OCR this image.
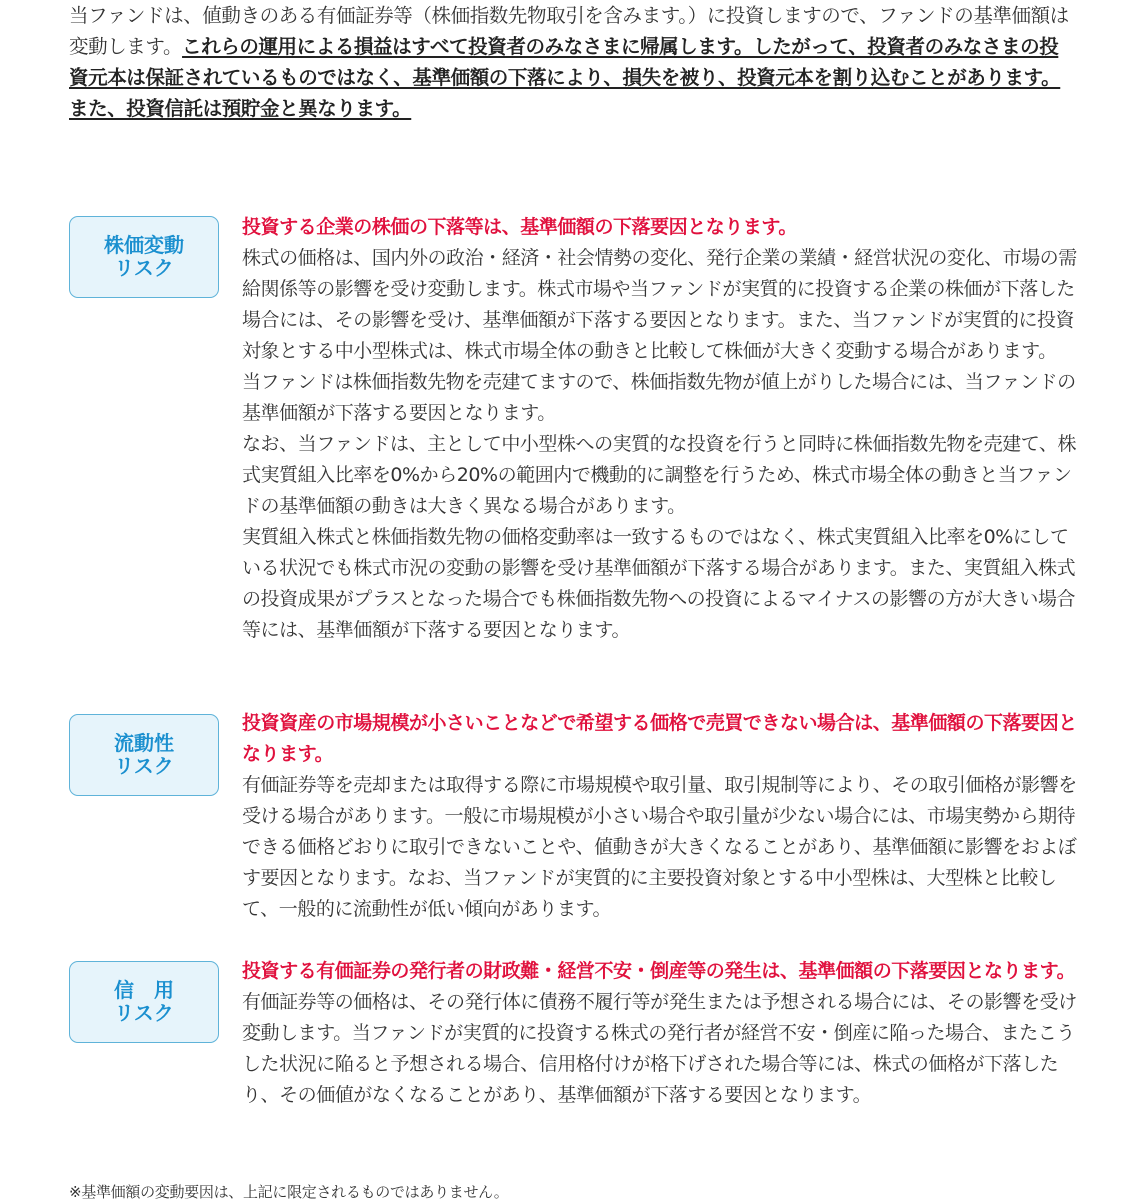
当ファンドは、値動きのある有価証券等（株価指数先物取引を含みます。）に投資しますので、ファンドの基準価額は変動します。これらの運用による損益はすべて投資者のみなさまに帰属します。したがって、投資者のみなさまの投資元本は保証されているものではなく、基準価額の下落により、損失を被り、投資元本を割り込むことがあります。
また、投資信託は預貯金と異なります。
株価変動
リスク

投資する企業の株価の下落等は、基準価額の下落要因となります。

株式の価格は、国内外の政治・経済・社会情勢の変化、発行企業の業績・経営状況の変化、市場の需給関係等の影響を受け変動します。株式市場や当ファンドが実質的に投資する企業の株価が下落した場合には、その影響を受け、基準価額が下落する要因となります。また、当ファンドが実質的に投資対象とする中小型株式は、株式市場全体の動きと比較して株価が大きく変動する場合があります。

当ファンドは株価指数先物を売建てますので、株価指数先物が値上がりした場合には、当ファンドの基準価額が下落する要因となります。

なお、当ファンドは、主として中小型株への実質的な投資を行うと同時に株価指数先物を売建て、株式実質組入比率を0%から20%の範囲内で機動的に調整を行うため、株式市場全体の動きと当ファンドの基準価額の動きは大きく異なる場合があります。

実質組入株式と株価指数先物の価格変動率は一致するものではなく、株式実質組入比率を0%にしている状況でも株式市況の変動の影響を受け基準価額が下落する場合があります。また、実質組入株式の投資成果がプラスとなった場合でも株価指数先物への投資によるマイナスの影響の方が大きい場合等には、基準価額が下落する要因となります。

流動性
リスク

投資資産の市場規模が小さいことなどで希望する価格で売買できない場合は、基準価額の下落要因となります。

有価証券等を売却または取得する際に市場規模や取引量、取引規制等により、その取引価格が影響を受ける場合があります。一般に市場規模が小さい場合や取引量が少ない場合には、市場実勢から期待できる価格どおりに取引できないことや、値動きが大きくなることがあり、基準価額に影響をおよぼす要因となります。なお、当ファンドが実質的に主要投資対象とする中小型株は、大型株と比較して、一般的に流動性が低い傾向があります。

信　用
リスク

投資する有価証券の発行者の財政難・経営不安・倒産等の発生は、基準価額の下落要因となります。

有価証券等の価格は、その発行体に債務不履行等が発生または予想される場合には、その影響を受け変動します。当ファンドが実質的に投資する株式の発行者が経営不安・倒産に陥った場合、またこうした状況に陥ると予想される場合、信用格付けが格下げされた場合等には、株式の価格が下落したり、その価値がなくなることがあり、基準価額が下落する要因となります。

※基準価額の変動要因は、上記に限定されるものではありません。
